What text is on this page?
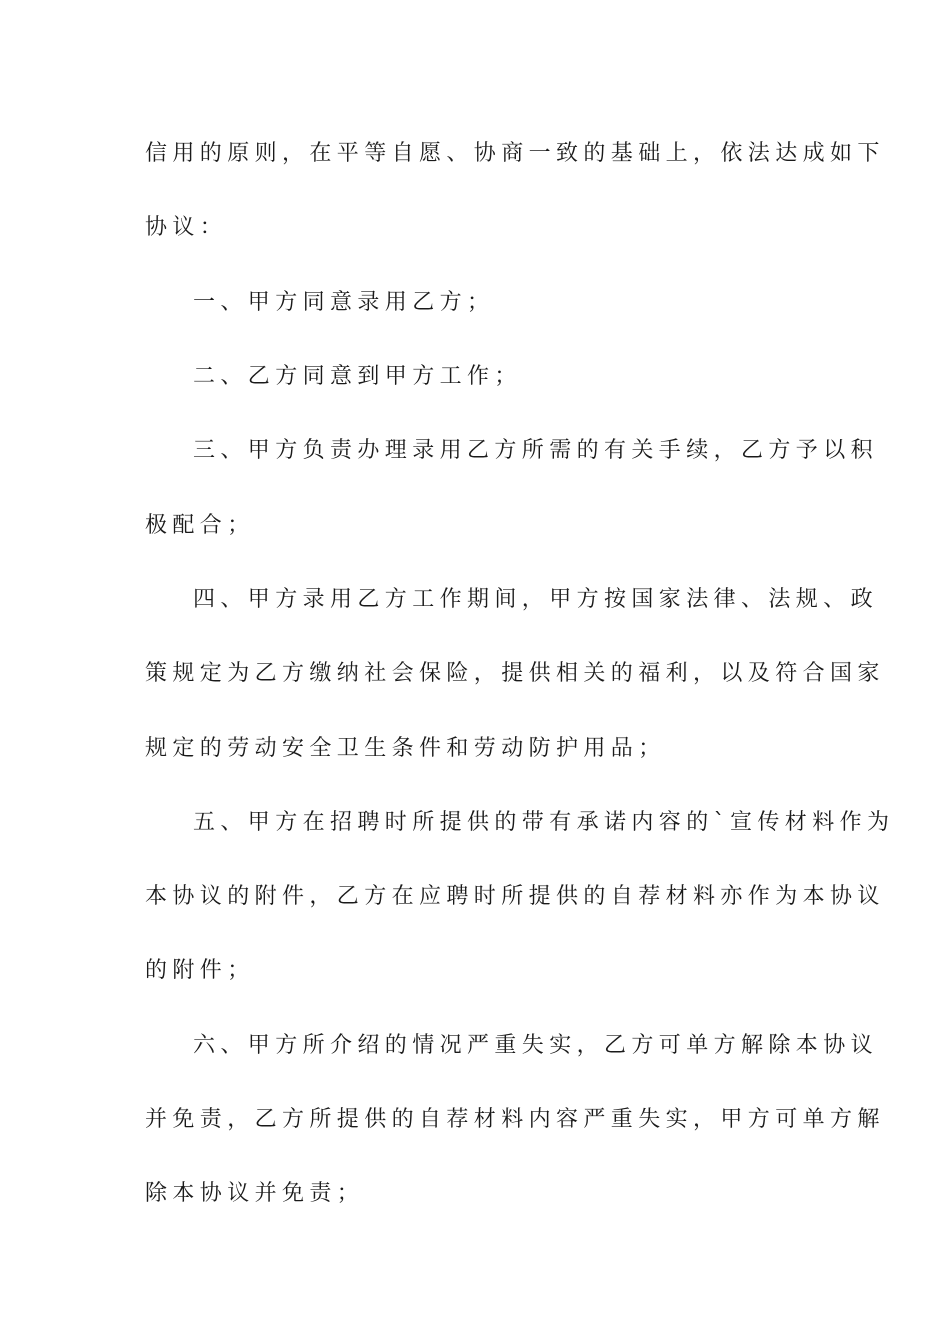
信用的原则，在平等自愿、协商一致的基础上，依法达成如下
协议：
一、甲方同意录用乙方；
二、乙方同意到甲方工作；
三、甲方负责办理录用乙方所需的有关手续，乙方予以积
极配合；
四、甲方录用乙方工作期间，甲方按国家法律、法规、政
策规定为乙方缴纳社会保险，提供相关的福利，以及符合国家
规定的劳动安全卫生条件和劳动防护用品；
五、甲方在招聘时所提供的带有承诺内容的`宣传材料作为
本协议的附件，乙方在应聘时所提供的自荐材料亦作为本协议
的附件；
六、甲方所介绍的情况严重失实，乙方可单方解除本协议
并免责，乙方所提供的自荐材料内容严重失实，甲方可单方解
除本协议并免责；
